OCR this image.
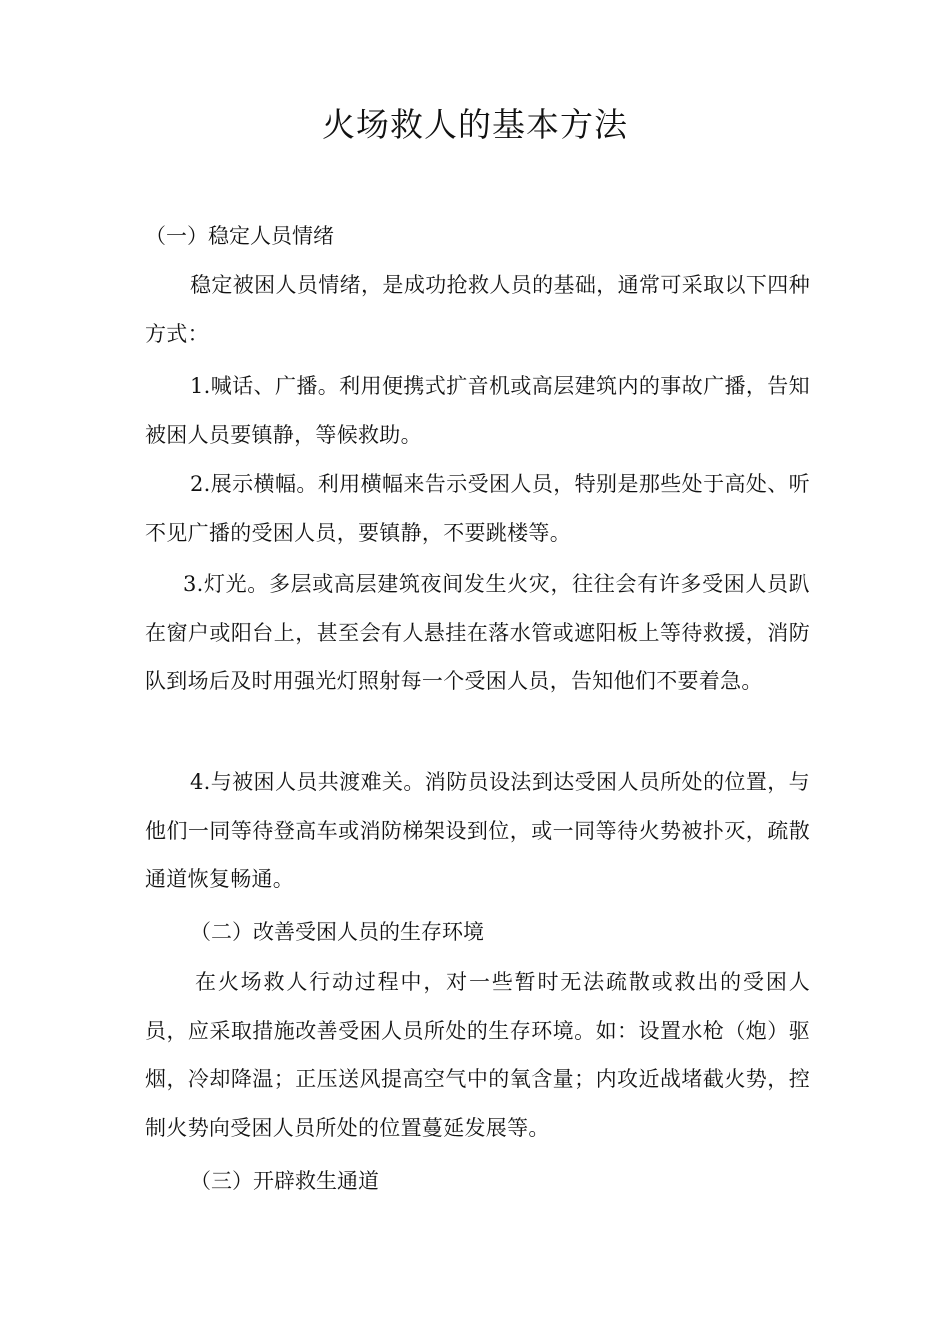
火场救人的基本方法

（一）稳定人员情绪

稳定被困人员情绪，是成功抢救人员的基础，通常可采取以下四种方式：

1.喊话、广播。利用便携式扩音机或高层建筑内的事故广播，告知被困人员要镇静，等候救助。

2.展示横幅。利用横幅来告示受困人员，特别是那些处于高处、听不见广播的受困人员，要镇静，不要跳楼等。

3.灯光。多层或高层建筑夜间发生火灾，往往会有许多受困人员趴在窗户或阳台上，甚至会有人悬挂在落水管或遮阳板上等待救援，消防队到场后及时用强光灯照射每一个受困人员，告知他们不要着急。

4.与被困人员共渡难关。消防员设法到达受困人员所处的位置，与他们一同等待登高车或消防梯架设到位，或一同等待火势被扑灭，疏散通道恢复畅通。

（二）改善受困人员的生存环境

在火场救人行动过程中，对一些暂时无法疏散或救出的受困人员，应采取措施改善受困人员所处的生存环境。如：设置水枪（炮）驱烟，冷却降温；正压送风提高空气中的氧含量；内攻近战堵截火势，控制火势向受困人员所处的位置蔓延发展等。

（三）开辟救生通道
